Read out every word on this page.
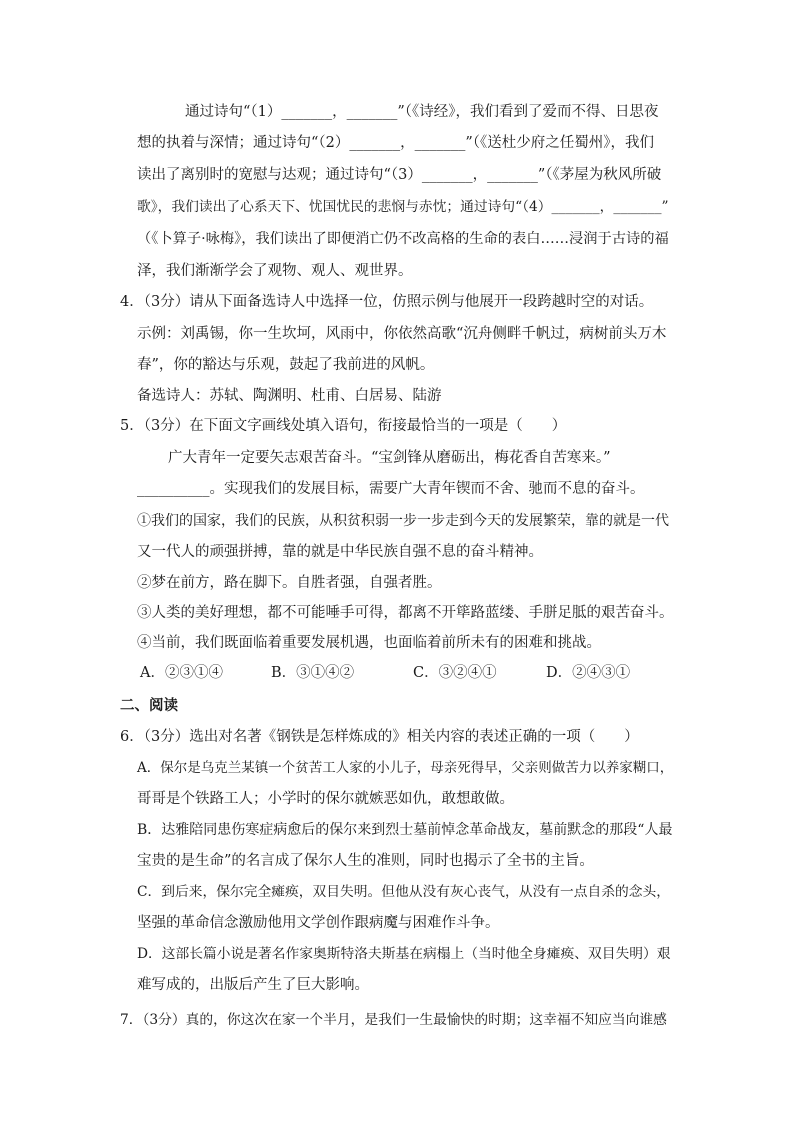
通过诗句“（1）_______，_______”（《诗经》，我们看到了爱而不得、日思夜
想的执着与深情；通过诗句“（2）_______，_______”（《送杜少府之任蜀州》，我们
读出了离别时的宽慰与达观；通过诗句“（3）_______，_______”（《茅屋为秋风所破
歌》，我们读出了心系天下、忧国忧民的悲悯与赤忱；通过诗句“（4）_______，_______”
（《卜算子·咏梅》，我们读出了即便消亡仍不改高格的生命的表白……浸润于古诗的福
泽，我们渐渐学会了观物、观人、观世界。
4．（3分）请从下面备选诗人中选择一位，仿照示例与他展开一段跨越时空的对话。
示例：刘禹锡，你一生坎坷，风雨中，你依然高歌“沉舟侧畔千帆过，病树前头万木
春”，你的豁达与乐观，鼓起了我前进的风帆。
备选诗人：苏轼、陶渊明、杜甫、白居易、陆游
5．（3分）在下面文字画线处填入语句，衔接最恰当的一项是（　　）
广大青年一定要矢志艰苦奋斗。“宝剑锋从磨砺出，梅花香自苦寒来。”
__________。实现我们的发展目标，需要广大青年锲而不舍、驰而不息的奋斗。
①我们的国家，我们的民族，从积贫积弱一步一步走到今天的发展繁荣，靠的就是一代
又一代人的顽强拼搏，靠的就是中华民族自强不息的奋斗精神。
②梦在前方，路在脚下。自胜者强，自强者胜。
③人类的美好理想，都不可能唾手可得，都离不开筚路蓝缕、手胼足胝的艰苦奋斗。
④当前，我们既面临着重要发展机遇，也面临着前所未有的困难和挑战。
A．②③①④	B．③①④②	C．③②④①	D．②④③①
二、阅读
6．（3分）选出对名著《钢铁是怎样炼成的》相关内容的表述正确的一项（　　）
A．保尔是乌克兰某镇一个贫苦工人家的小儿子，母亲死得早，父亲则做苦力以养家糊口，
哥哥是个铁路工人；小学时的保尔就嫉恶如仇，敢想敢做。
B．达雅陪同患伤寒症病愈后的保尔来到烈士墓前悼念革命战友，墓前默念的那段“人最
宝贵的是生命”的名言成了保尔人生的准则，同时也揭示了全书的主旨。
C．到后来，保尔完全瘫痪，双目失明。但他从没有灰心丧气，从没有一点自杀的念头，
坚强的革命信念激励他用文学创作跟病魔与困难作斗争。
D．这部长篇小说是著名作家奥斯特洛夫斯基在病榻上（当时他全身瘫痪、双目失明）艰
难写成的，出版后产生了巨大影响。
7．（3分）真的，你这次在家一个半月，是我们一生最愉快的时期；这幸福不知应当向谁感
